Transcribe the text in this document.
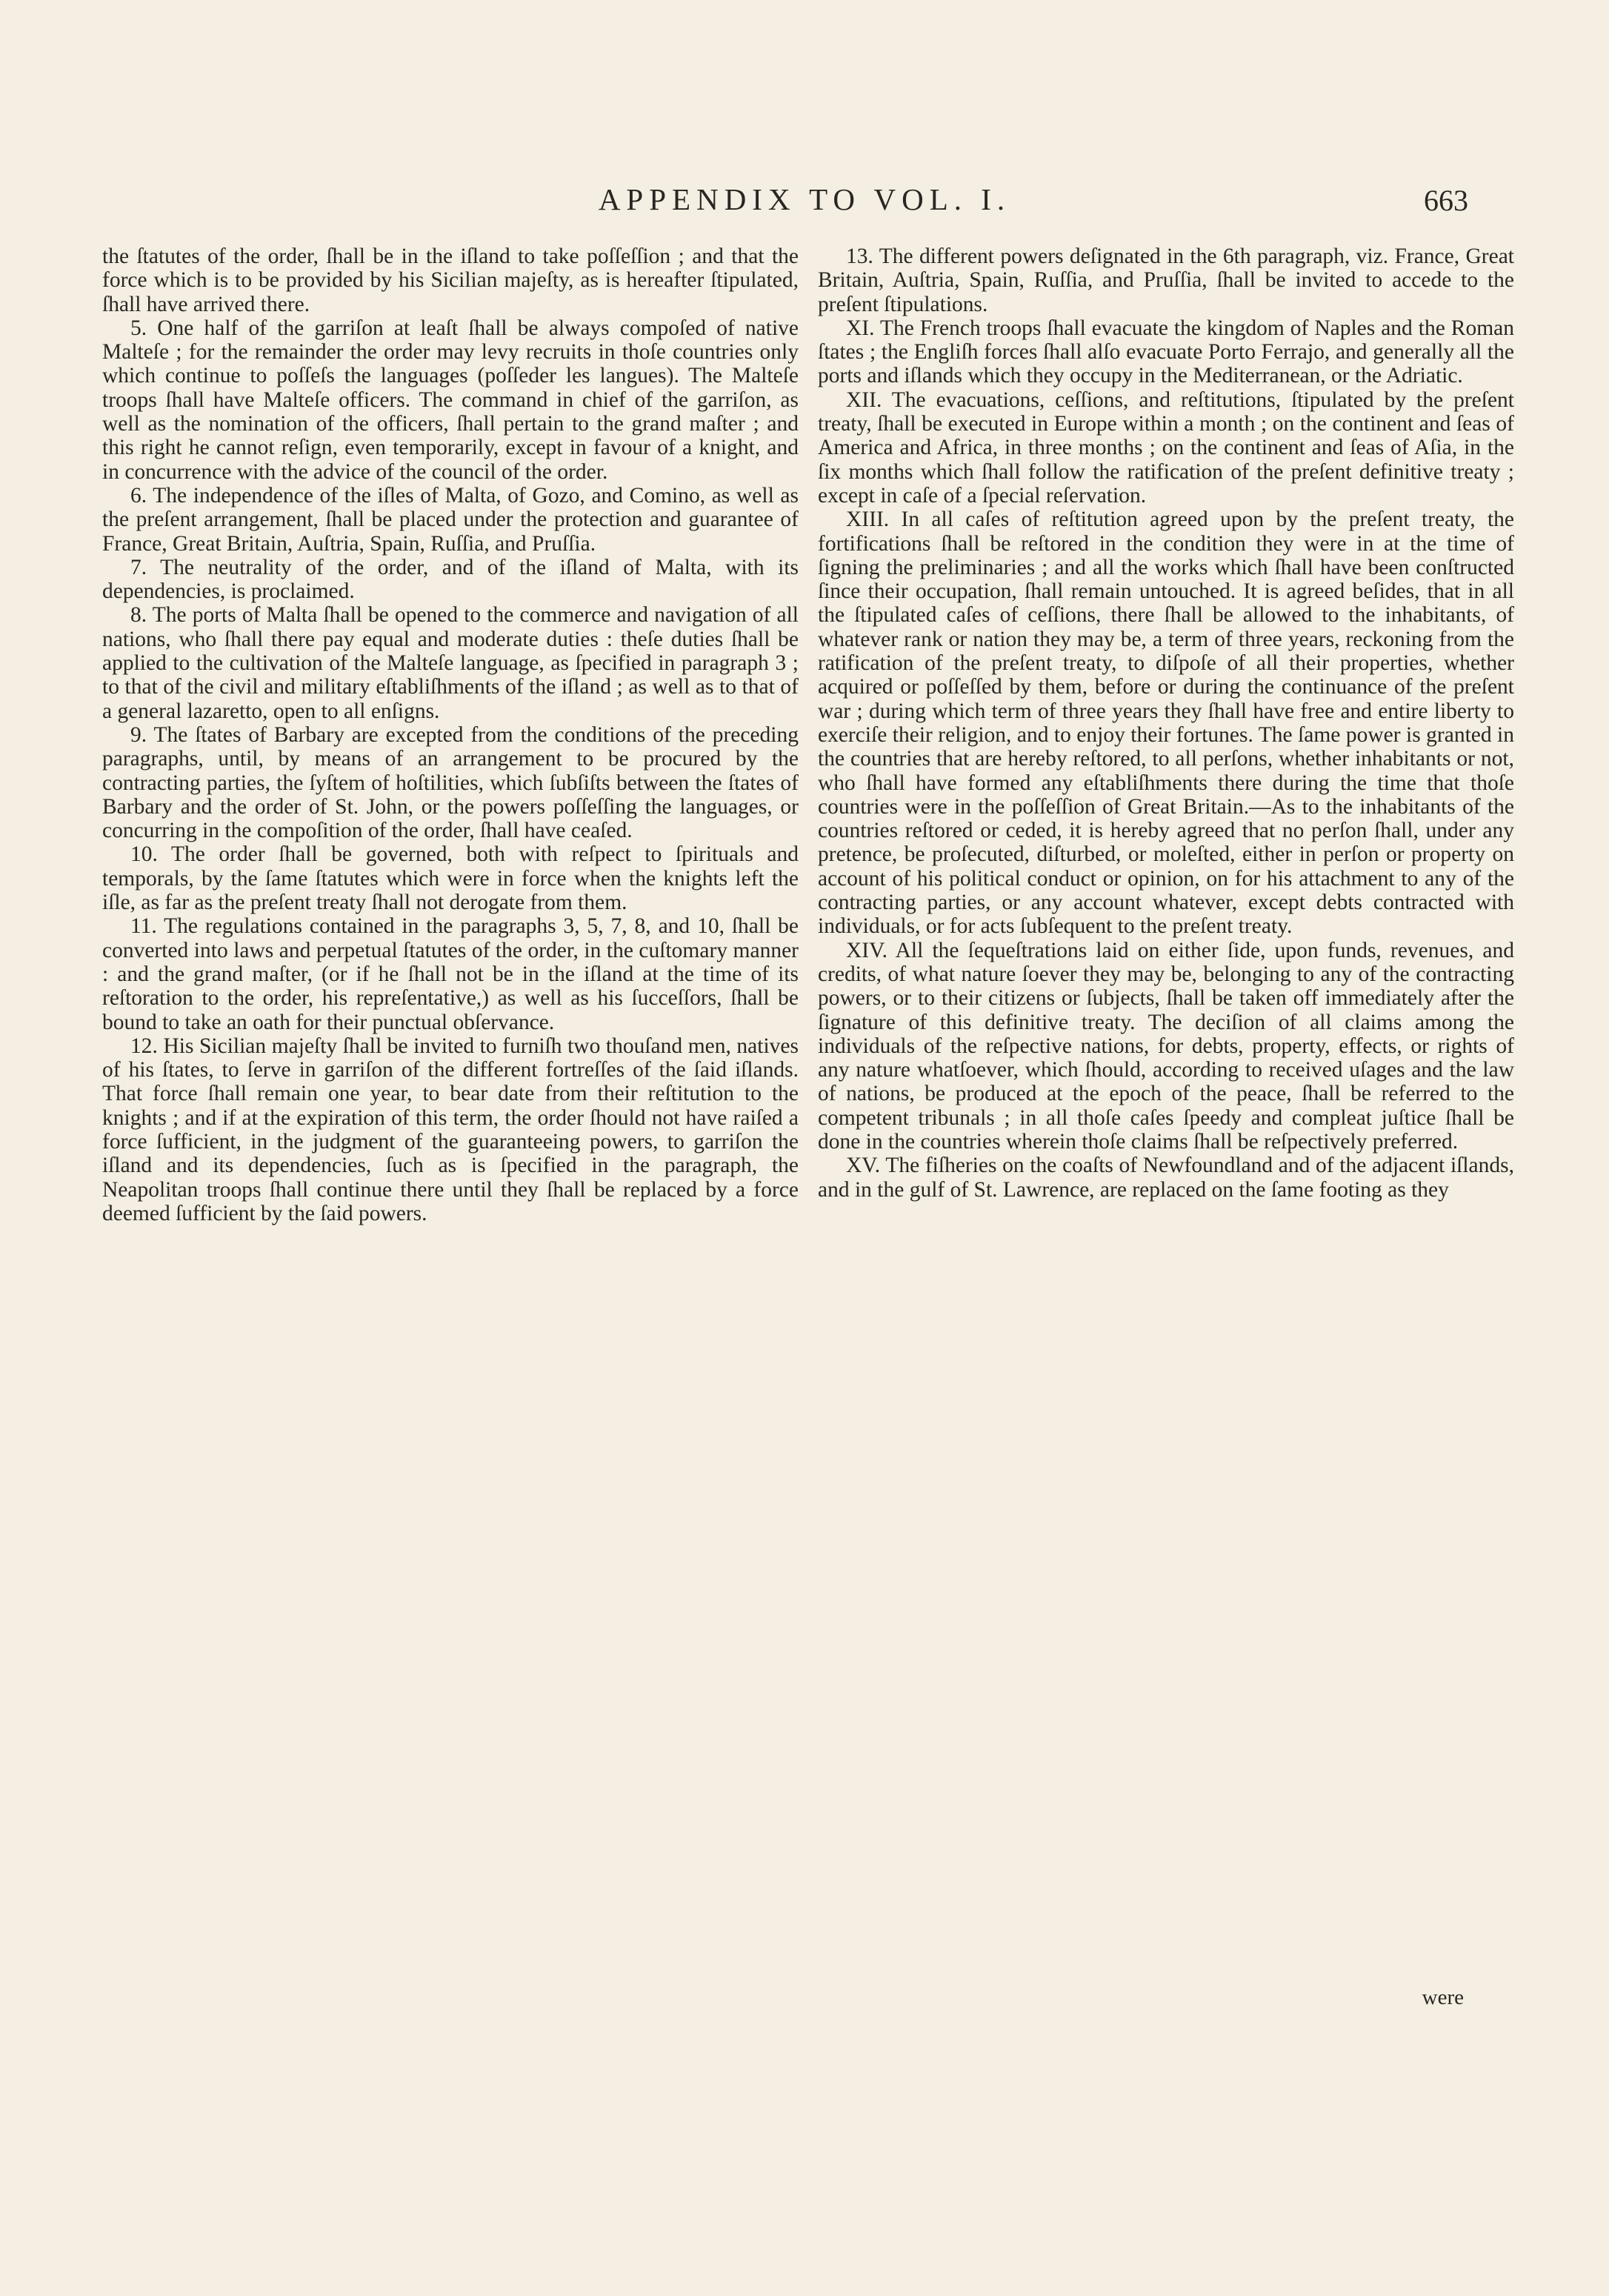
APPENDIX TO VOL. I.	663

the ſtatutes of the order, ſhall be in the iſland to take poſſeſſion ; and that the force which is to be provided by his Sicilian majeſty, as is hereafter ſtipulated, ſhall have arrived there.

5. One half of the garriſon at leaſt ſhall be always compoſed of native Malteſe ; for the remainder the order may levy recruits in thoſe countries only which continue to poſſeſs the languages (poſſeder les langues). The Malteſe troops ſhall have Malteſe officers. The command in chief of the garriſon, as well as the nomination of the officers, ſhall pertain to the grand maſter ; and this right he cannot reſign, even temporarily, except in favour of a knight, and in concurrence with the advice of the council of the order.

6. The independence of the iſles of Malta, of Gozo, and Comino, as well as the preſent arrangement, ſhall be placed under the protection and guarantee of France, Great Britain, Auſtria, Spain, Ruſſia, and Pruſſia.

7. The neutrality of the order, and of the iſland of Malta, with its dependencies, is proclaimed.

8. The ports of Malta ſhall be opened to the commerce and navigation of all nations, who ſhall there pay equal and moderate duties : theſe duties ſhall be applied to the cultivation of the Malteſe language, as ſpecified in paragraph 3 ; to that of the civil and military eſtabliſhments of the iſland ; as well as to that of a general lazaretto, open to all enſigns.

9. The ſtates of Barbary are excepted from the conditions of the preceding paragraphs, until, by means of an arrangement to be procured by the contracting parties, the ſyſtem of hoſtilities, which ſubſiſts between the ſtates of Barbary and the order of St. John, or the powers poſſeſſing the languages, or concurring in the compoſition of the order, ſhall have ceaſed.

10. The order ſhall be governed, both with reſpect to ſpirituals and temporals, by the ſame ſtatutes which were in force when the knights left the iſle, as far as the preſent treaty ſhall not derogate from them.

11. The regulations contained in the paragraphs 3, 5, 7, 8, and 10, ſhall be converted into laws and perpetual ſtatutes of the order, in the cuſtomary manner : and the grand maſter, (or if he ſhall not be in the iſland at the time of its reſtoration to the order, his repreſentative,) as well as his ſucceſſors, ſhall be bound to take an oath for their punctual obſervance.

12. His Sicilian majeſty ſhall be invited to furniſh two thouſand men, natives of his ſtates, to ſerve in garriſon of the different fortreſſes of the ſaid iſlands. That force ſhall remain one year, to bear date from their reſtitution to the knights ; and if at the expiration of this term, the order ſhould not have raiſed a force ſufficient, in the judgment of the guaranteeing powers, to garriſon the iſland and its dependencies, ſuch as is ſpecified in the paragraph, the Neapolitan troops ſhall continue there until they ſhall be replaced by a force deemed ſufficient by the ſaid powers.

13. The different powers deſignated in the 6th paragraph, viz. France, Great Britain, Auſtria, Spain, Ruſſia, and Pruſſia, ſhall be invited to accede to the preſent ſtipulations.

XI. The French troops ſhall evacuate the kingdom of Naples and the Roman ſtates ; the Engliſh forces ſhall alſo evacuate Porto Ferrajo, and generally all the ports and iſlands which they occupy in the Mediterranean, or the Adriatic.

XII. The evacuations, ceſſions, and reſtitutions, ſtipulated by the preſent treaty, ſhall be executed in Europe within a month ; on the continent and ſeas of America and Africa, in three months ; on the continent and ſeas of Aſia, in the ſix months which ſhall follow the ratification of the preſent definitive treaty ; except in caſe of a ſpecial reſervation.

XIII. In all caſes of reſtitution agreed upon by the preſent treaty, the fortifications ſhall be reſtored in the condition they were in at the time of ſigning the preliminaries ; and all the works which ſhall have been conſtructed ſince their occupation, ſhall remain untouched. It is agreed beſides, that in all the ſtipulated caſes of ceſſions, there ſhall be allowed to the inhabitants, of whatever rank or nation they may be, a term of three years, reckoning from the ratification of the preſent treaty, to diſpoſe of all their properties, whether acquired or poſſeſſed by them, before or during the continuance of the preſent war ; during which term of three years they ſhall have free and entire liberty to exerciſe their religion, and to enjoy their fortunes. The ſame power is granted in the countries that are hereby reſtored, to all perſons, whether inhabitants or not, who ſhall have formed any eſtabliſhments there during the time that thoſe countries were in the poſſeſſion of Great Britain.—As to the inhabitants of the countries reſtored or ceded, it is hereby agreed that no perſon ſhall, under any pretence, be proſecuted, diſturbed, or moleſted, either in perſon or property on account of his political conduct or opinion, on for his attachment to any of the contracting parties, or any account whatever, except debts contracted with individuals, or for acts ſubſequent to the preſent treaty.

XIV. All the ſequeſtrations laid on either ſide, upon funds, revenues, and credits, of what nature ſoever they may be, belonging to any of the contracting powers, or to their citizens or ſubjects, ſhall be taken off immediately after the ſignature of this definitive treaty. The deciſion of all claims among the individuals of the reſpective nations, for debts, property, effects, or rights of any nature whatſoever, which ſhould, according to received uſages and the law of nations, be produced at the epoch of the peace, ſhall be referred to the competent tribunals ; in all thoſe caſes ſpeedy and compleat juſtice ſhall be done in the countries wherein thoſe claims ſhall be reſpectively preferred.

XV. The fiſheries on the coaſts of Newfoundland and of the adjacent iſlands, and in the gulf of St. Lawrence, are replaced on the ſame footing as they

were
